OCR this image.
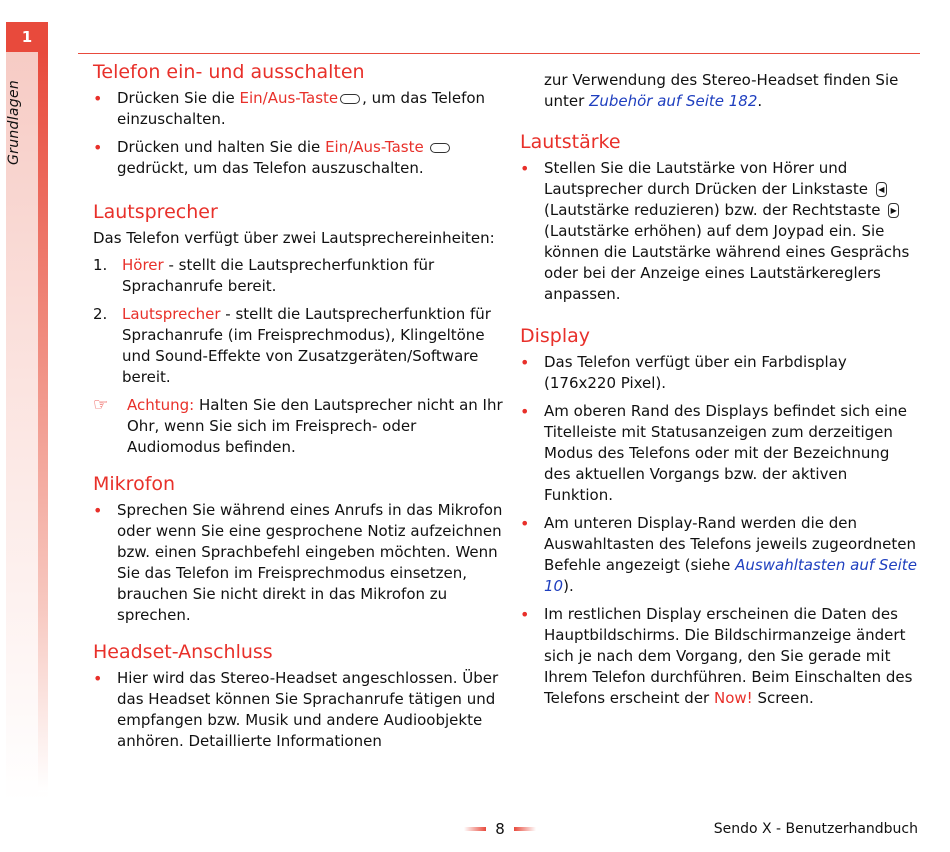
1
Grundlagen
Telefon ein- und ausschalten
• Drücken Sie die Ein/Aus-Taste , um das Telefon einzuschalten.
• Drücken und halten Sie die Ein/Aus-Taste  gedrückt, um das Telefon auszuschalten.
Lautsprecher

Das Telefon verfügt über zwei Lautsprechereinheiten:

1. Hörer - stellt die Lautsprecherfunktion für Sprachanrufe bereit.
2. Lautsprecher - stellt die Lautsprecherfunktion für Sprachanrufe (im Freisprechmodus), Klingeltöne und Sound-Effekte von Zusatzgeräten/Software bereit.
☞ Achtung: Halten Sie den Lautsprecher nicht an Ihr Ohr, wenn Sie sich im Freisprech- oder Audiomodus befinden.
Mikrofon
• Sprechen Sie während eines Anrufs in das Mikrofon oder wenn Sie eine gesprochene Notiz aufzeichnen bzw. einen Sprachbefehl eingeben möchten. Wenn Sie das Telefon im Freisprechmodus einsetzen, brauchen Sie nicht direkt in das Mikrofon zu sprechen.
Headset-Anschluss
• Hier wird das Stereo-Headset angeschlossen. Über das Headset können Sie Sprachanrufe tätigen und empfangen bzw. Musik und andere Audioobjekte anhören. Detaillierte Informationen

zur Verwendung des Stereo-Headset finden Sie unter Zubehör auf Seite 182.

Lautstärke
• Stellen Sie die Lautstärke von Hörer und Lautsprecher durch Drücken der Linkstaste ◀ (Lautstärke reduzieren) bzw. der Rechtstaste ▶ (Lautstärke erhöhen) auf dem Joypad ein. Sie können die Lautstärke während eines Gesprächs oder bei der Anzeige eines Lautstärkereglers anpassen.
Display
• Das Telefon verfügt über ein Farbdisplay (176x220 Pixel).
• Am oberen Rand des Displays befindet sich eine Titelleiste mit Statusanzeigen zum derzeitigen Modus des Telefons oder mit der Bezeichnung des aktuellen Vorgangs bzw. der aktiven Funktion.
• Am unteren Display-Rand werden die den Auswahltasten des Telefons jeweils zugeordneten Befehle angezeigt (siehe Auswahltasten auf Seite 10).
• Im restlichen Display erscheinen die Daten des Hauptbildschirms. Die Bildschirmanzeige ändert sich je nach dem Vorgang, den Sie gerade mit Ihrem Telefon durchführen. Beim Einschalten des Telefons erscheint der Now! Screen.
8	Sendo X - Benutzerhandbuch
